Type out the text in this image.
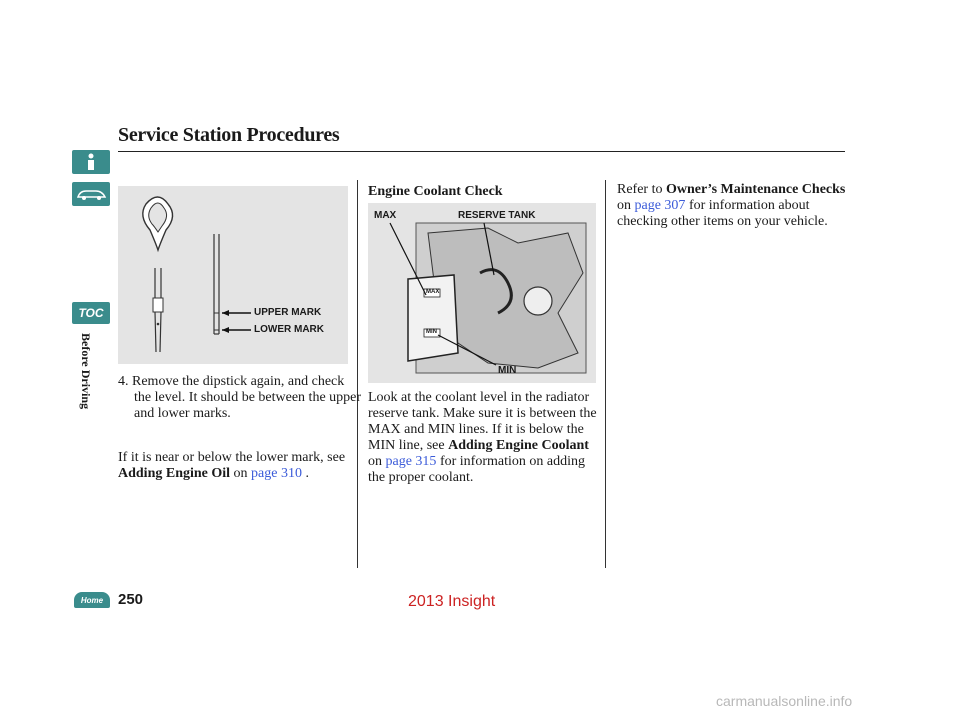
Service Station Procedures
TOC
Before Driving
UPPER MARK
LOWER MARK
4. Remove the dipstick again, and check the level. It should be between the upper and lower marks.
If it is near or below the lower mark, see Adding Engine Oil on page 310 .
Engine Coolant Check
MAX
MIN
MAX	RESERVE TANK
MIN
Look at the coolant level in the radiator reserve tank. Make sure it is between the MAX and MIN lines. If it is below the MIN line, see Adding Engine Coolant on page 315 for information on adding the proper coolant.
Refer to Owner’s Maintenance Checks on page 307 for information about checking other items on your vehicle.
Home 250	2013 Insight
carmanualsonline.info
